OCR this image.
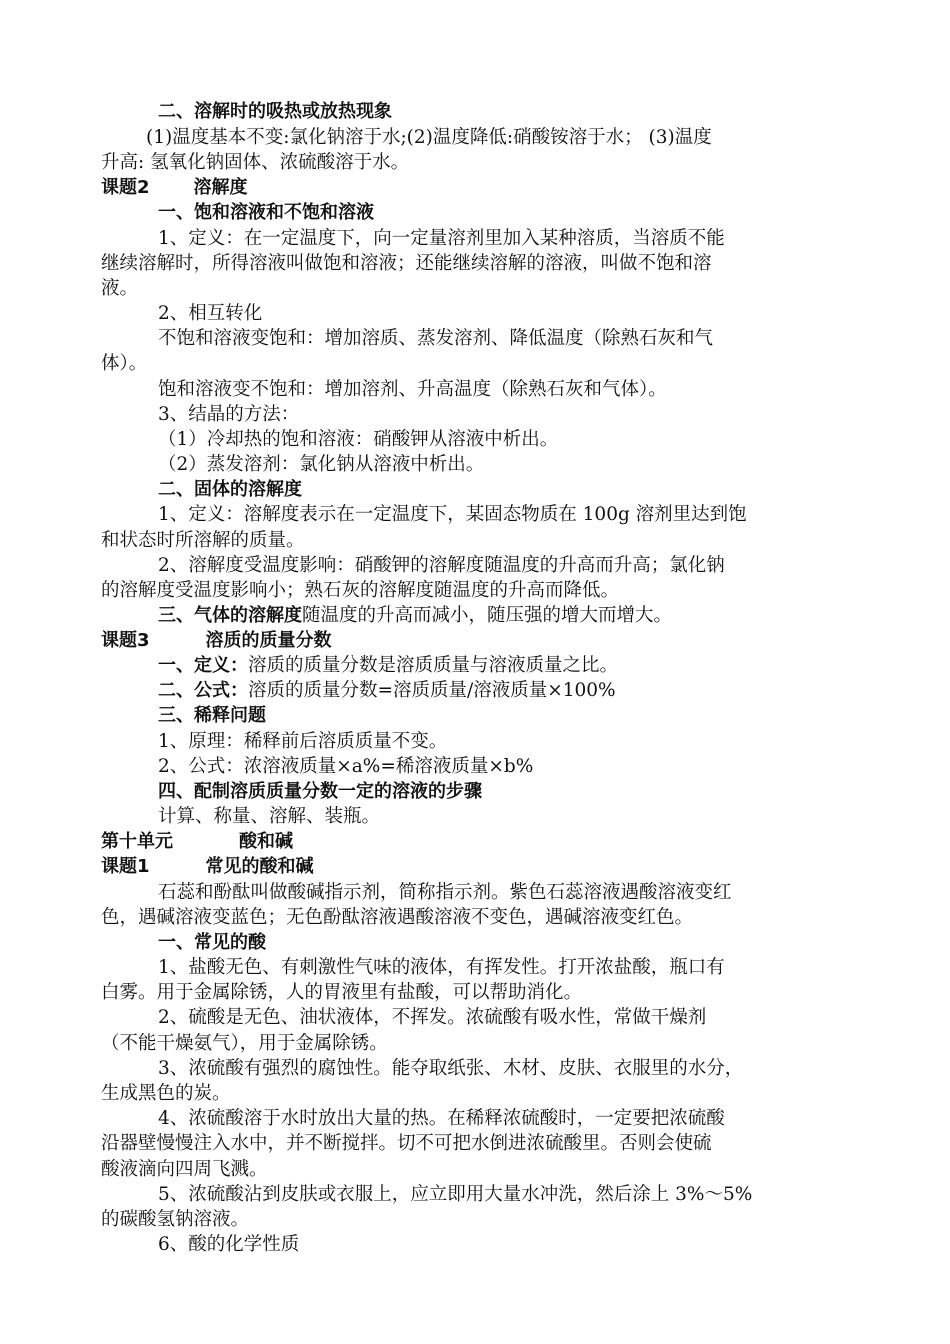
二、溶解时的吸热或放热现象
(1)温度基本不变:氯化钠溶于水;(2)温度降低:硝酸铵溶于水； (3)温度
升高: 氢氧化钠固体、浓硫酸溶于水。
课题2 溶解度
一、饱和溶液和不饱和溶液
1、定义：在一定温度下，向一定量溶剂里加入某种溶质，当溶质不能
继续溶解时，所得溶液叫做饱和溶液；还能继续溶解的溶液，叫做不饱和溶
液。
2、相互转化
不饱和溶液变饱和：增加溶质、蒸发溶剂、降低温度（除熟石灰和气
体）。
饱和溶液变不饱和：增加溶剂、升高温度（除熟石灰和气体）。
3、结晶的方法：
（1）冷却热的饱和溶液：硝酸钾从溶液中析出。
（2）蒸发溶剂：氯化钠从溶液中析出。
二、固体的溶解度
1、定义：溶解度表示在一定温度下，某固态物质在 100g 溶剂里达到饱
和状态时所溶解的质量。
2、溶解度受温度影响：硝酸钾的溶解度随温度的升高而升高；氯化钠
的溶解度受温度影响小；熟石灰的溶解度随温度的升高而降低。
三、气体的溶解度随温度的升高而减小，随压强的增大而增大。
课题3	溶质的质量分数
一、定义：溶质的质量分数是溶质质量与溶液质量之比。
二、公式：溶质的质量分数=溶质质量/溶液质量×100%
三、稀释问题
1、原理：稀释前后溶质质量不变。
2、公式：浓溶液质量×a%=稀溶液质量×b%
四、配制溶质质量分数一定的溶液的步骤
计算、称量、溶解、装瓶。
第十单元	酸和碱
课题1	常见的酸和碱
石蕊和酚酞叫做酸碱指示剂，简称指示剂。紫色石蕊溶液遇酸溶液变红
色，遇碱溶液变蓝色；无色酚酞溶液遇酸溶液不变色，遇碱溶液变红色。
一、常见的酸
1、盐酸无色、有刺激性气味的液体，有挥发性。打开浓盐酸，瓶口有
白雾。用于金属除锈，人的胃液里有盐酸，可以帮助消化。
2、硫酸是无色、油状液体，不挥发。浓硫酸有吸水性，常做干燥剂
（不能干燥氨气），用于金属除锈。
3、浓硫酸有强烈的腐蚀性。能夺取纸张、木材、皮肤、衣服里的水分，
生成黑色的炭。
4、浓硫酸溶于水时放出大量的热。在稀释浓硫酸时，一定要把浓硫酸
沿器壁慢慢注入水中，并不断搅拌。切不可把水倒进浓硫酸里。否则会使硫
酸液滴向四周飞溅。
5、浓硫酸沾到皮肤或衣服上，应立即用大量水冲洗，然后涂上 3%～5%
的碳酸氢钠溶液。
6、酸的化学性质
